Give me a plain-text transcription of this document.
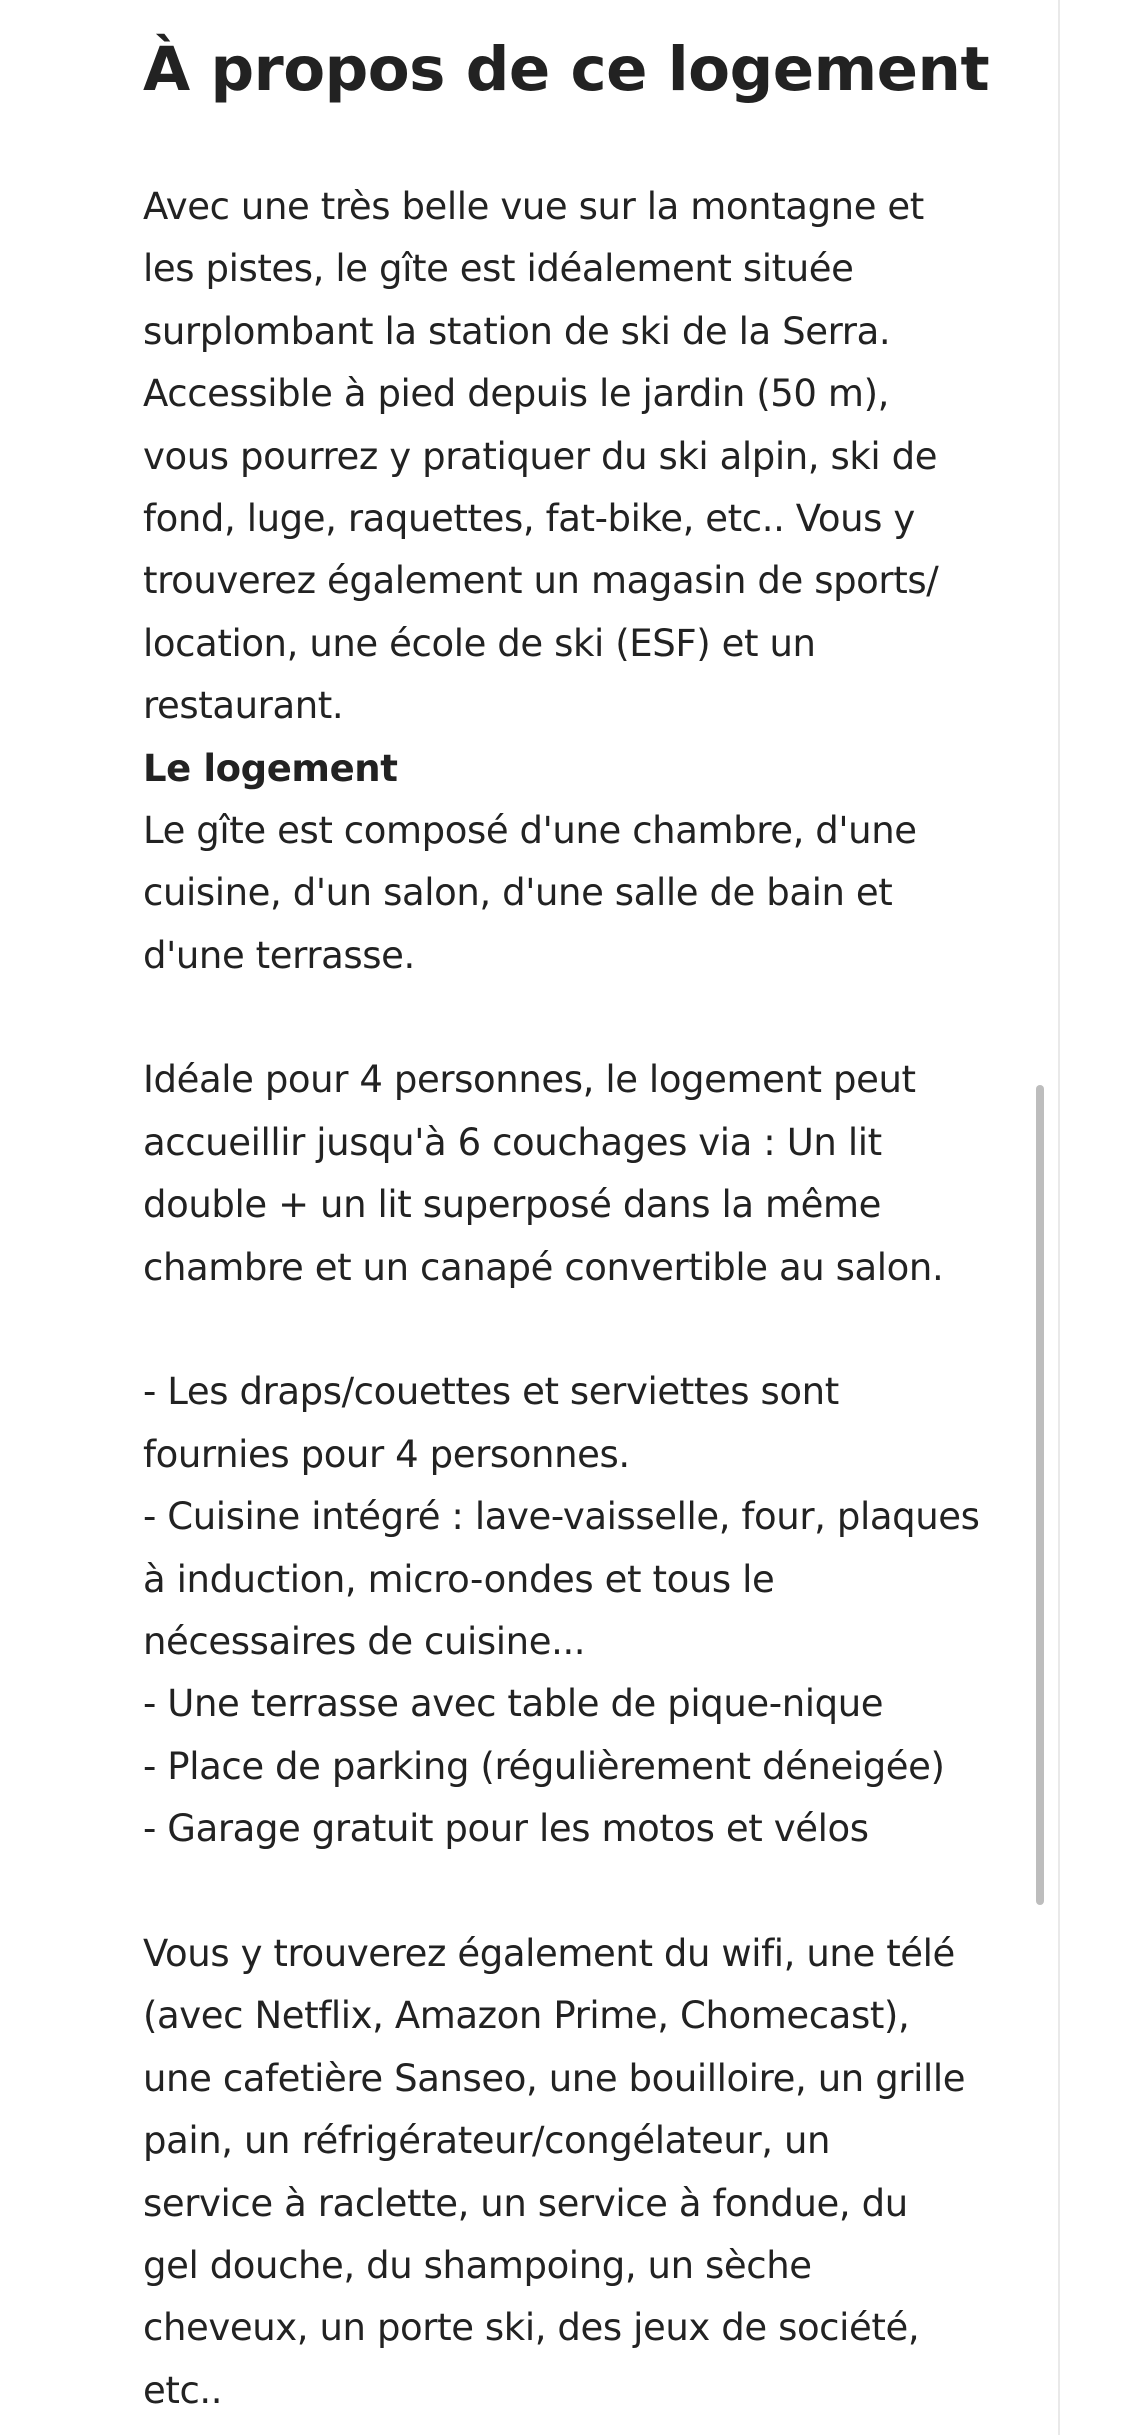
À propos de ce logement
Avec une très belle vue sur la montagne et
les pistes, le gîte est idéalement située
surplombant la station de ski de la Serra.
Accessible à pied depuis le jardin (50 m),
vous pourrez y pratiquer du ski alpin, ski de
fond, luge, raquettes, fat-bike, etc.. Vous y
trouverez également un magasin de sports/
location, une école de ski (ESF) et un
restaurant.
Le logement
Le gîte est composé d'une chambre, d'une
cuisine, d'un salon, d'une salle de bain et
d'une terrasse.
Idéale pour 4 personnes, le logement peut
accueillir jusqu'à 6 couchages via : Un lit
double + un lit superposé dans la même
chambre et un canapé convertible au salon.
- Les draps/couettes et serviettes sont
fournies pour 4 personnes.
- Cuisine intégré : lave-vaisselle, four, plaques
à induction, micro-ondes et tous le
nécessaires de cuisine...
- Une terrasse avec table de pique-nique
- Place de parking (régulièrement déneigée)
- Garage gratuit pour les motos et vélos
Vous y trouverez également du wifi, une télé
(avec Netflix, Amazon Prime, Chomecast),
une cafetière Sanseo, une bouilloire, un grille
pain, un réfrigérateur/congélateur, un
service à raclette, un service à fondue, du
gel douche, du shampoing, un sèche
cheveux, un porte ski, des jeux de société,
etc..
